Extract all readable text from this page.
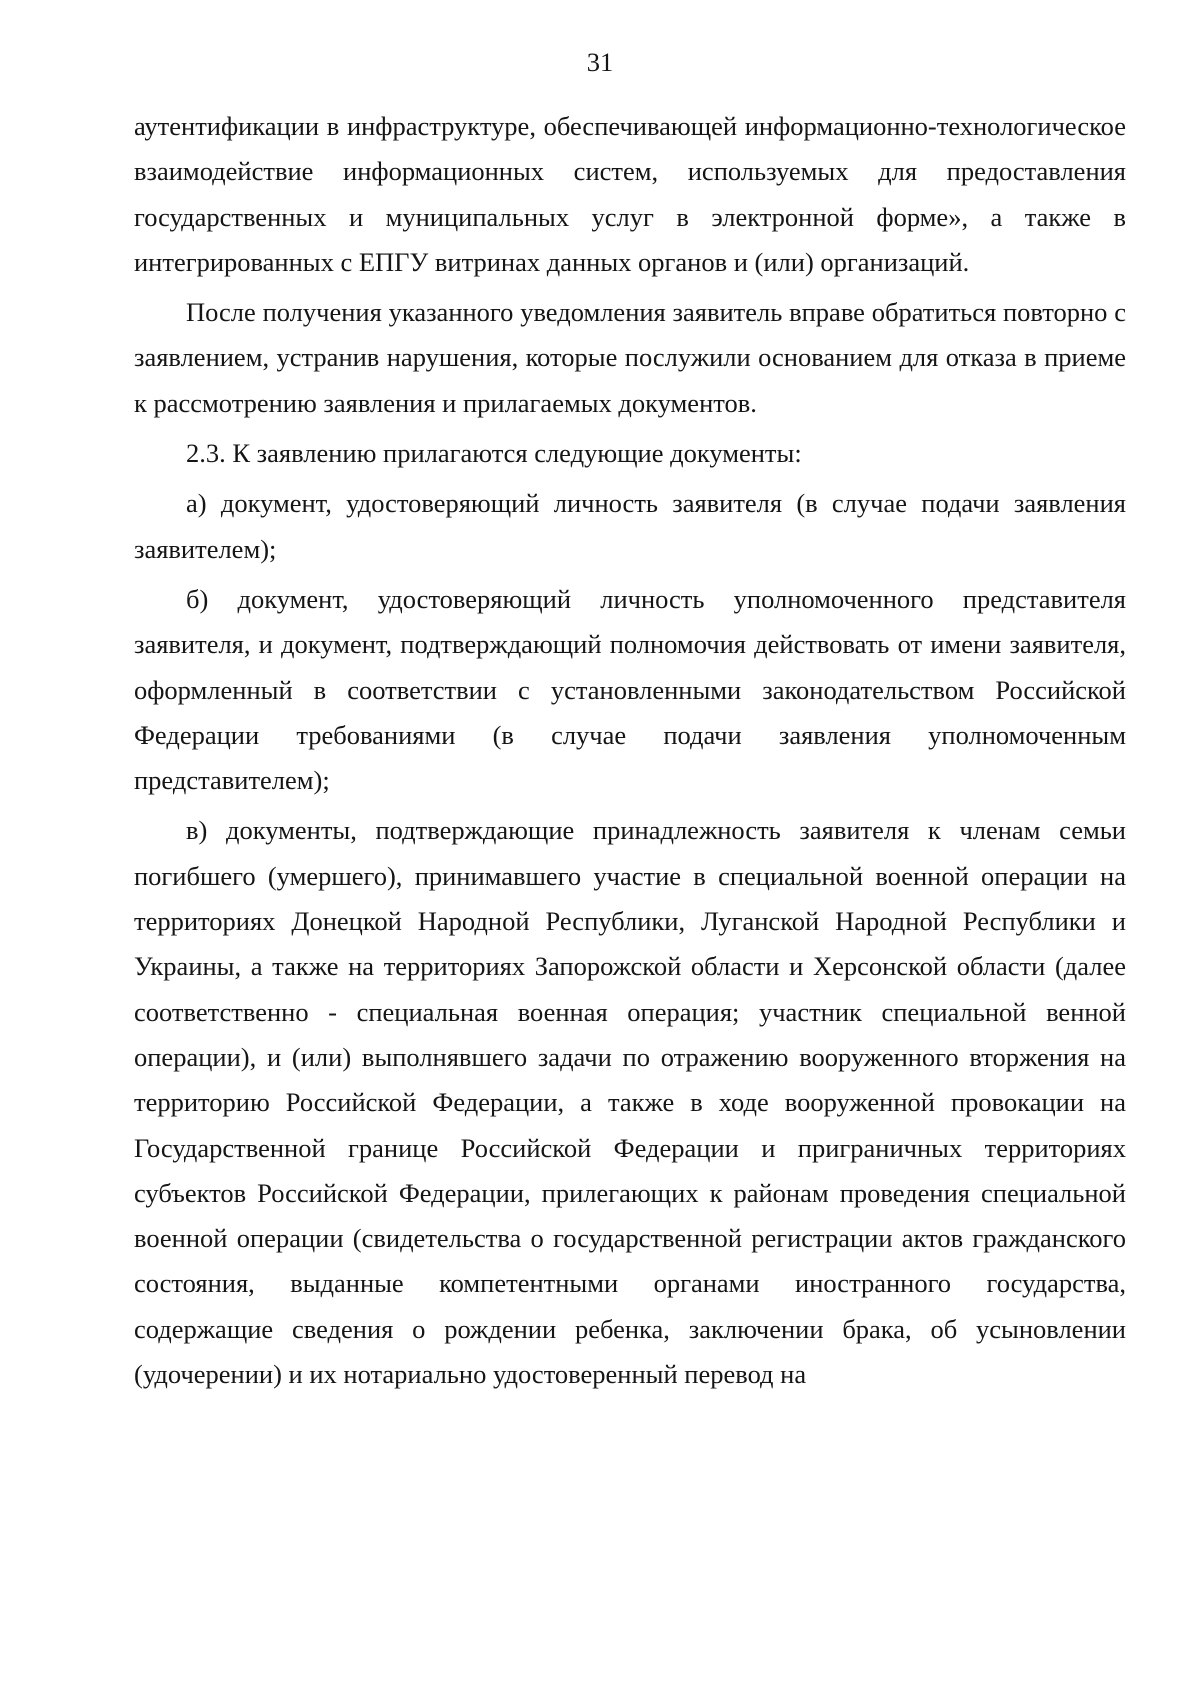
31

аутентификации в инфраструктуре, обеспечивающей информационно-технологическое взаимодействие информационных систем, используемых для предоставления государственных и муниципальных услуг в электронной форме», а также в интегрированных с ЕПГУ витринах данных органов и (или) организаций.

После получения указанного уведомления заявитель вправе обратиться повторно с заявлением, устранив нарушения, которые послужили основанием для отказа в приеме к рассмотрению заявления и прилагаемых документов.

2.3. К заявлению прилагаются следующие документы:

а) документ, удостоверяющий личность заявителя (в случае подачи заявления заявителем);

б) документ, удостоверяющий личность уполномоченного представителя заявителя, и документ, подтверждающий полномочия действовать от имени заявителя, оформленный в соответствии с установленными законодательством Российской Федерации требованиями (в случае подачи заявления уполномоченным представителем);

в) документы, подтверждающие принадлежность заявителя к членам семьи погибшего (умершего), принимавшего участие в специальной военной операции на территориях Донецкой Народной Республики, Луганской Народной Республики и Украины, а также на территориях Запорожской области и Херсонской области (далее соответственно - специальная военная операция; участник специальной венной операции), и (или) выполнявшего задачи по отражению вооруженного вторжения на территорию Российской Федерации, а также в ходе вооруженной провокации на Государственной границе Российской Федерации и приграничных территориях субъектов Российской Федерации, прилегающих к районам проведения специальной военной операции (свидетельства о государственной регистрации актов гражданского состояния, выданные компетентными органами иностранного государства, содержащие сведения о рождении ребенка, заключении брака, об усыновлении (удочерении) и их нотариально удостоверенный перевод на
